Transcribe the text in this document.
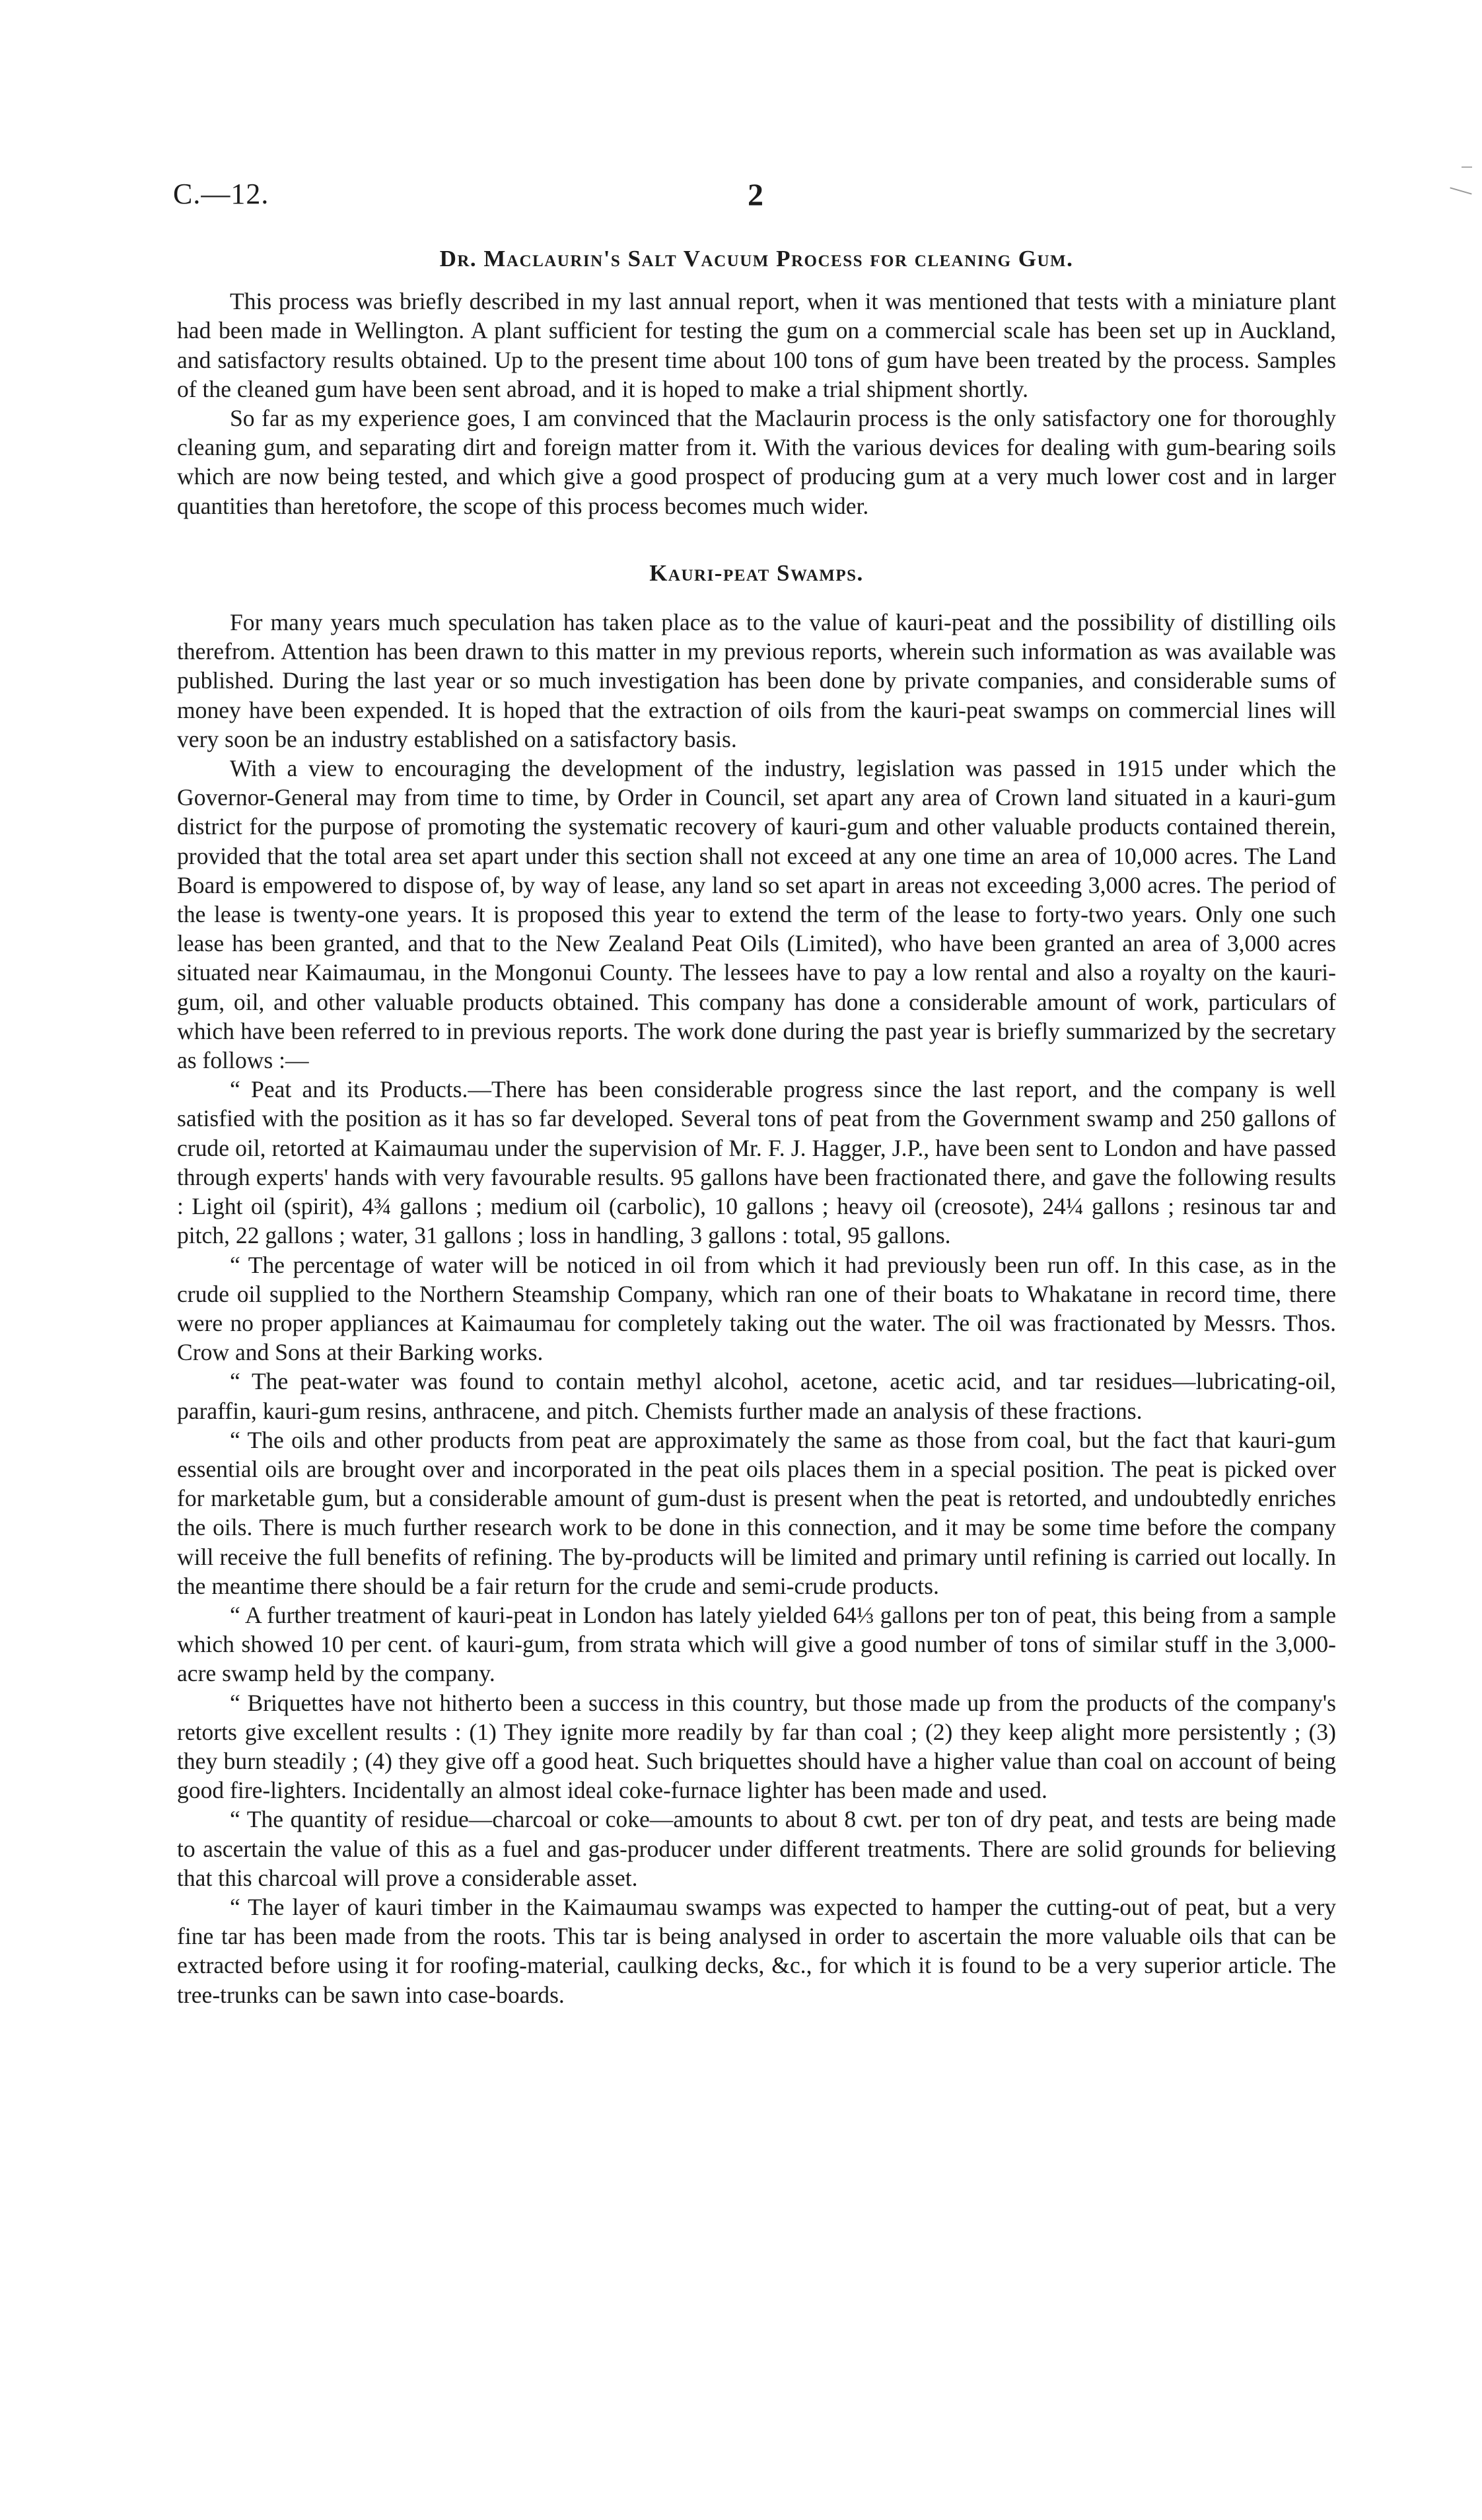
C.—12.	2
Dr. Maclaurin's Salt Vacuum Process for cleaning Gum.

This process was briefly described in my last annual report, when it was mentioned that tests with a miniature plant had been made in Wellington. A plant sufficient for testing the gum on a commercial scale has been set up in Auckland, and satisfactory results obtained. Up to the present time about 100 tons of gum have been treated by the process. Samples of the cleaned gum have been sent abroad, and it is hoped to make a trial shipment shortly.

So far as my experience goes, I am convinced that the Maclaurin process is the only satisfactory one for thoroughly cleaning gum, and separating dirt and foreign matter from it. With the various devices for dealing with gum-bearing soils which are now being tested, and which give a good prospect of producing gum at a very much lower cost and in larger quantities than heretofore, the scope of this process becomes much wider.

Kauri-peat Swamps.

For many years much speculation has taken place as to the value of kauri-peat and the possibility of distilling oils therefrom. Attention has been drawn to this matter in my previous reports, wherein such information as was available was published. During the last year or so much investigation has been done by private companies, and considerable sums of money have been expended. It is hoped that the extraction of oils from the kauri-peat swamps on commercial lines will very soon be an industry established on a satisfactory basis.

With a view to encouraging the development of the industry, legislation was passed in 1915 under which the Governor-General may from time to time, by Order in Council, set apart any area of Crown land situated in a kauri-gum district for the purpose of promoting the systematic recovery of kauri-gum and other valuable products contained therein, provided that the total area set apart under this section shall not exceed at any one time an area of 10,000 acres. The Land Board is empowered to dispose of, by way of lease, any land so set apart in areas not exceeding 3,000 acres. The period of the lease is twenty-one years. It is proposed this year to extend the term of the lease to forty-two years. Only one such lease has been granted, and that to the New Zealand Peat Oils (Limited), who have been granted an area of 3,000 acres situated near Kaimaumau, in the Mongonui County. The lessees have to pay a low rental and also a royalty on the kauri-gum, oil, and other valuable products obtained. This company has done a considerable amount of work, particulars of which have been referred to in previous reports. The work done during the past year is briefly summarized by the secretary as follows :—

“ Peat and its Products.—There has been considerable progress since the last report, and the company is well satisfied with the position as it has so far developed. Several tons of peat from the Government swamp and 250 gallons of crude oil, retorted at Kaimaumau under the supervision of Mr. F. J. Hagger, J.P., have been sent to London and have passed through experts' hands with very favourable results. 95 gallons have been fractionated there, and gave the following results : Light oil (spirit), 4¾ gallons ; medium oil (carbolic), 10 gallons ; heavy oil (creosote), 24¼ gallons ; resinous tar and pitch, 22 gallons ; water, 31 gallons ; loss in handling, 3 gallons : total, 95 gallons.

“ The percentage of water will be noticed in oil from which it had previously been run off. In this case, as in the crude oil supplied to the Northern Steamship Company, which ran one of their boats to Whakatane in record time, there were no proper appliances at Kaimaumau for completely taking out the water. The oil was fractionated by Messrs. Thos. Crow and Sons at their Barking works.

“ The peat-water was found to contain methyl alcohol, acetone, acetic acid, and tar residues—lubricating-oil, paraffin, kauri-gum resins, anthracene, and pitch. Chemists further made an analysis of these fractions.

“ The oils and other products from peat are approximately the same as those from coal, but the fact that kauri-gum essential oils are brought over and incorporated in the peat oils places them in a special position. The peat is picked over for marketable gum, but a considerable amount of gum-dust is present when the peat is retorted, and undoubtedly enriches the oils. There is much further research work to be done in this connection, and it may be some time before the company will receive the full benefits of refining. The by-products will be limited and primary until refining is carried out locally. In the meantime there should be a fair return for the crude and semi-crude products.

“ A further treatment of kauri-peat in London has lately yielded 64⅓ gallons per ton of peat, this being from a sample which showed 10 per cent. of kauri-gum, from strata which will give a good number of tons of similar stuff in the 3,000-acre swamp held by the company.

“ Briquettes have not hitherto been a success in this country, but those made up from the products of the company's retorts give excellent results : (1) They ignite more readily by far than coal ; (2) they keep alight more persistently ; (3) they burn steadily ; (4) they give off a good heat. Such briquettes should have a higher value than coal on account of being good fire-lighters. Incidentally an almost ideal coke-furnace lighter has been made and used.

“ The quantity of residue—charcoal or coke—amounts to about 8 cwt. per ton of dry peat, and tests are being made to ascertain the value of this as a fuel and gas-producer under different treatments. There are solid grounds for believing that this charcoal will prove a considerable asset.

“ The layer of kauri timber in the Kaimaumau swamps was expected to hamper the cutting-out of peat, but a very fine tar has been made from the roots. This tar is being analysed in order to ascertain the more valuable oils that can be extracted before using it for roofing-material, caulking decks, &c., for which it is found to be a very superior article. The tree-trunks can be sawn into case-boards.
